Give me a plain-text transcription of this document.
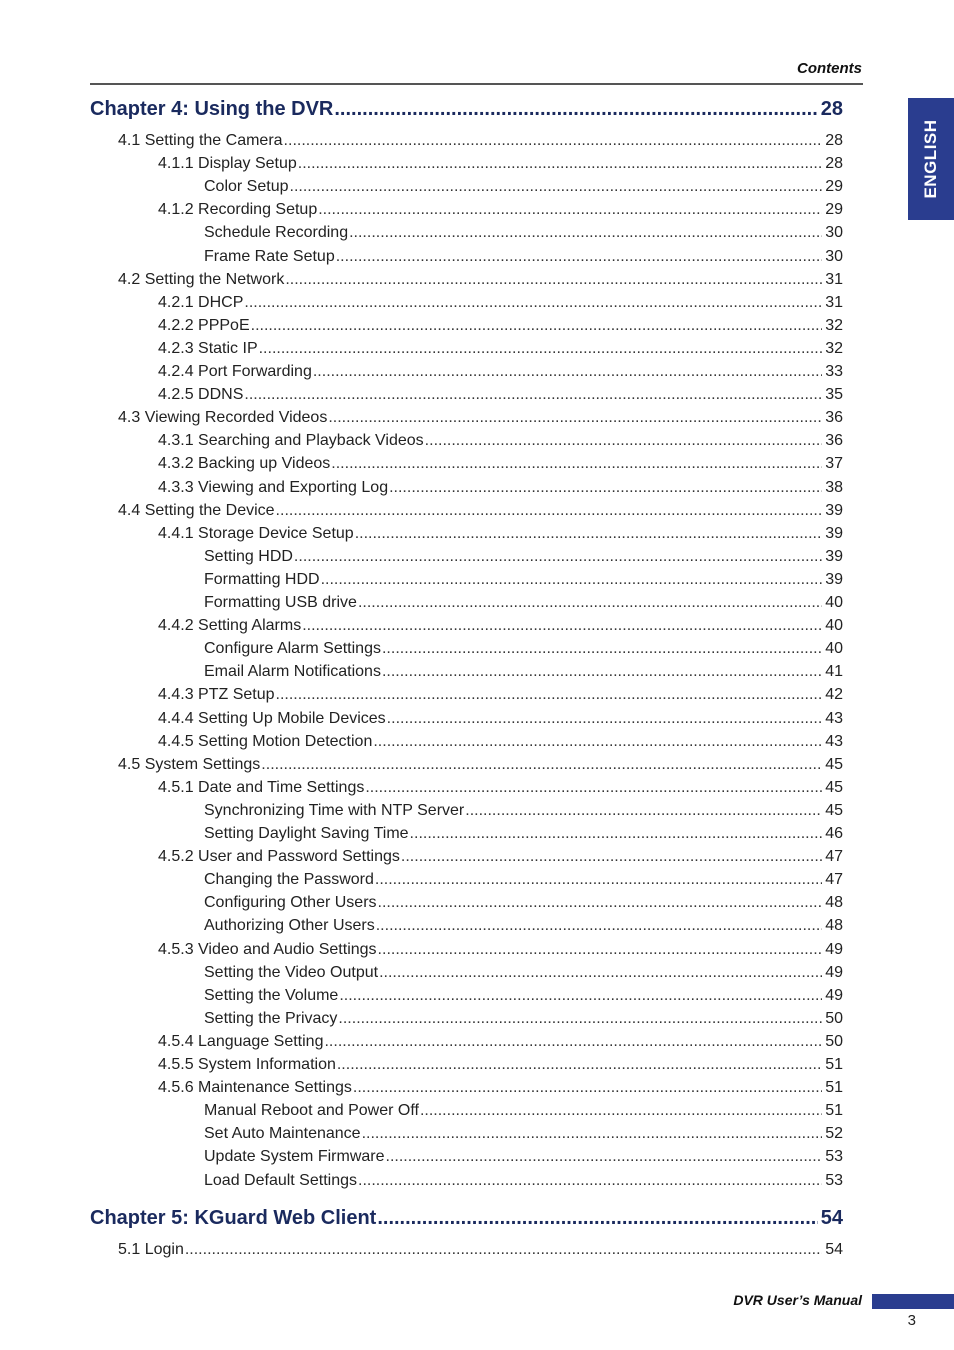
Contents
ENGLISH
Chapter 4: Using the DVR .....	28
4.1 Setting the Camera .....	28
4.1.1 Display Setup .....	28
Color Setup .....	29
4.1.2 Recording Setup .....	29
Schedule Recording .....	30
Frame Rate Setup .....	30
4.2 Setting the Network .....	31
4.2.1 DHCP .....	31
4.2.2 PPPoE .....	32
4.2.3 Static IP .....	32
4.2.4 Port Forwarding .....	33
4.2.5 DDNS .....	35
4.3 Viewing Recorded Videos .....	36
4.3.1 Searching and Playback Videos .....	36
4.3.2 Backing up Videos .....	37
4.3.3 Viewing and Exporting Log .....	38
4.4 Setting the Device .....	39
4.4.1 Storage Device Setup .....	39
Setting HDD .....	39
Formatting HDD .....	39
Formatting USB drive .....	40
4.4.2 Setting Alarms .....	40
Configure Alarm Settings .....	40
Email Alarm Notifications .....	41
4.4.3 PTZ Setup .....	42
4.4.4 Setting Up Mobile Devices .....	43
4.4.5 Setting Motion Detection .....	43
4.5 System Settings .....	45
4.5.1 Date and Time Settings .....	45
Synchronizing Time with NTP Server .....	45
Setting Daylight Saving Time .....	46
4.5.2 User and Password Settings .....	47
Changing the Password .....	47
Configuring Other Users .....	48
Authorizing Other Users .....	48
4.5.3 Video and Audio Settings .....	49
Setting the Video Output .....	49
Setting the Volume .....	49
Setting the Privacy .....	50
4.5.4 Language Setting .....	50
4.5.5 System Information .....	51
4.5.6 Maintenance Settings .....	51
Manual Reboot and Power Off .....	51
Set Auto Maintenance .....	52
Update System Firmware .....	53
Load Default Settings .....	53
Chapter 5: KGuard Web Client .....	54
5.1 Login .....	54
DVR User’s Manual
3
